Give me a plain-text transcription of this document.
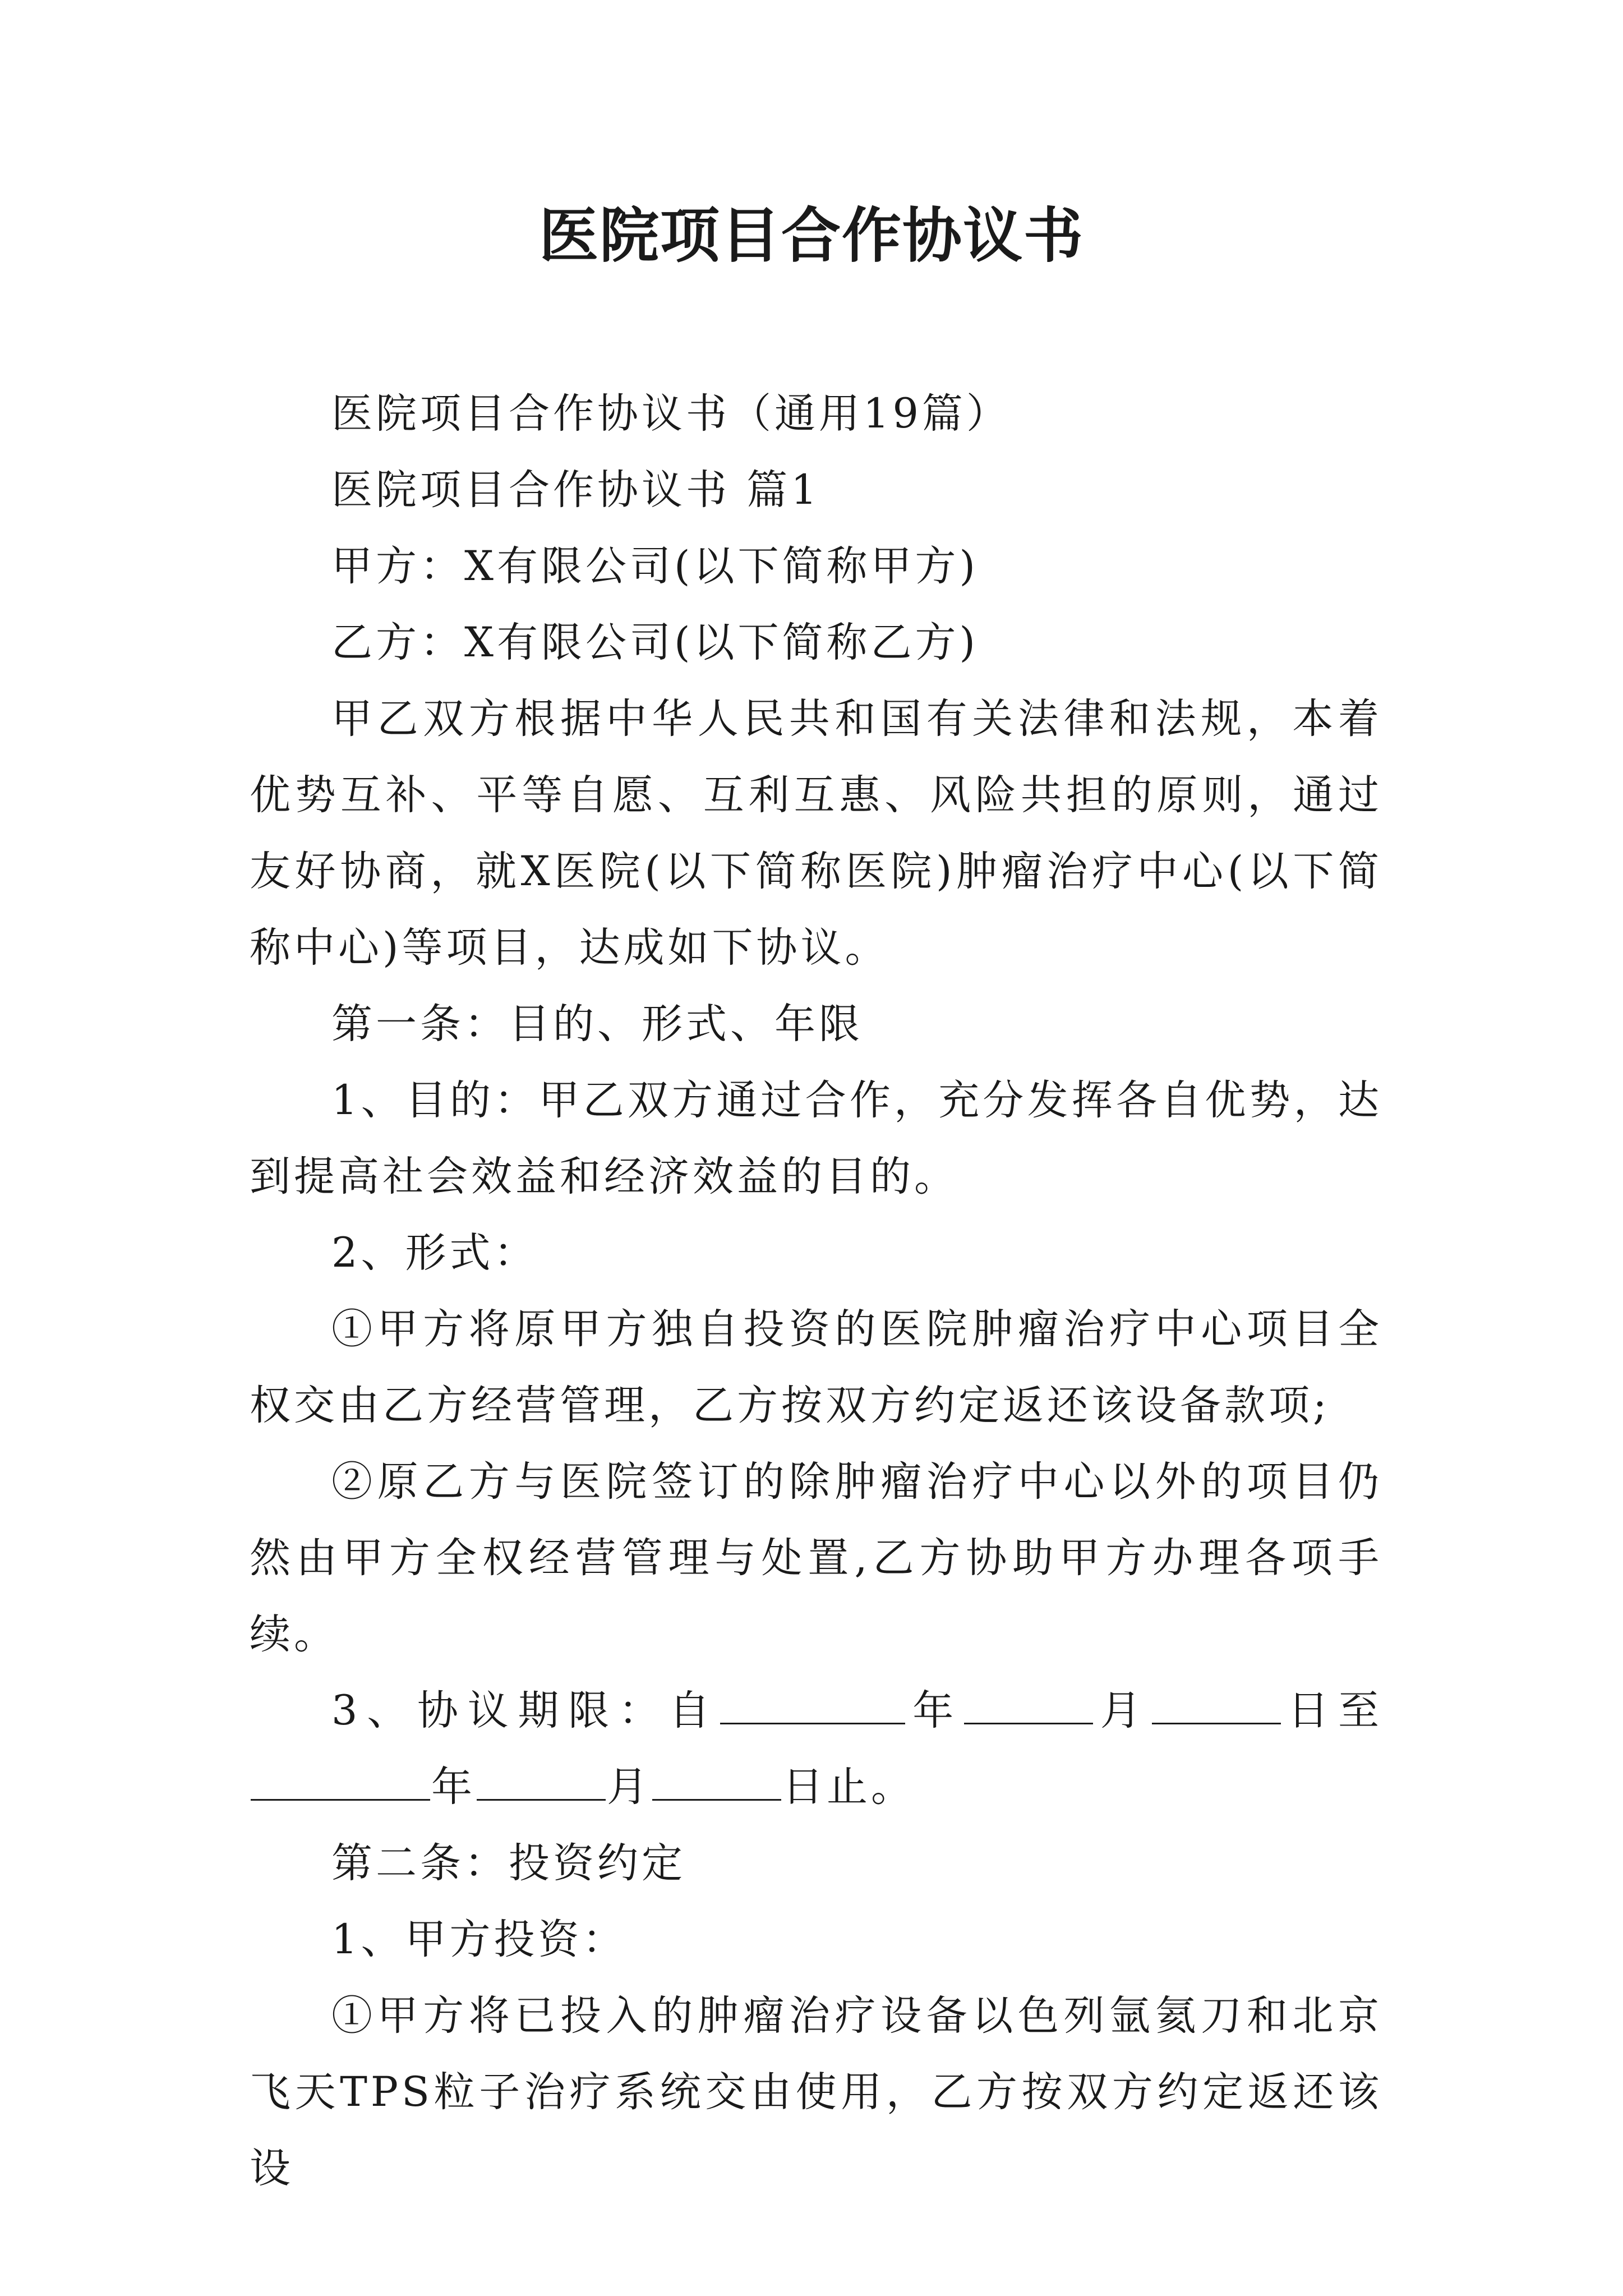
医院项目合作协议书

医院项目合作协议书（通用19篇）

医院项目合作协议书 篇1

甲方：X有限公司(以下简称甲方)

乙方：X有限公司(以下简称乙方)

甲乙双方根据中华人民共和国有关法律和法规，本着优势互补、平等自愿、互利互惠、风险共担的原则，通过友好协商，就X医院(以下简称医院)肿瘤治疗中心(以下简称中心)等项目，达成如下协议。

第一条：目的、形式、年限

1、目的：甲乙双方通过合作，充分发挥各自优势，达到提高社会效益和经济效益的目的。

2、形式：

①甲方将原甲方独自投资的医院肿瘤治疗中心项目全权交由乙方经营管理，乙方按双方约定返还该设备款项;

②原乙方与医院签订的除肿瘤治疗中心以外的项目仍然由甲方全权经营管理与处置,乙方协助甲方办理各项手续。

3、协议期限：自	年	月	日至年	月	日止。

第二条：投资约定

1、甲方投资：

①甲方将已投入的肿瘤治疗设备以色列氩氦刀和北京飞天TPS粒子治疗系统交由使用，乙方按双方约定返还该设
